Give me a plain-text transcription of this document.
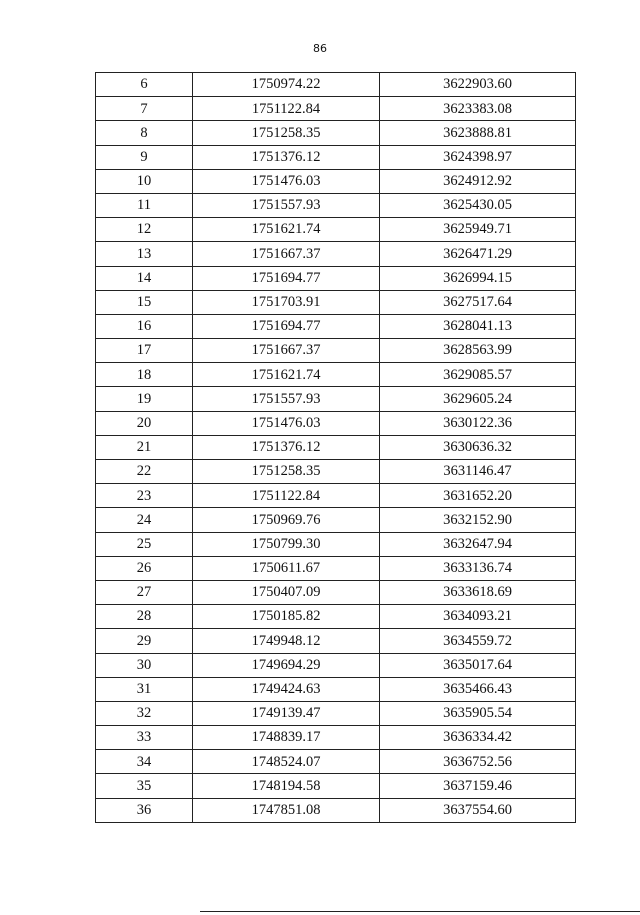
86
6	1750974.22	3622903.60
7	1751122.84	3623383.08
8	1751258.35	3623888.81
9	1751376.12	3624398.97
10	1751476.03	3624912.92
11	1751557.93	3625430.05
12	1751621.74	3625949.71
13	1751667.37	3626471.29
14	1751694.77	3626994.15
15	1751703.91	3627517.64
16	1751694.77	3628041.13
17	1751667.37	3628563.99
18	1751621.74	3629085.57
19	1751557.93	3629605.24
20	1751476.03	3630122.36
21	1751376.12	3630636.32
22	1751258.35	3631146.47
23	1751122.84	3631652.20
24	1750969.76	3632152.90
25	1750799.30	3632647.94
26	1750611.67	3633136.74
27	1750407.09	3633618.69
28	1750185.82	3634093.21
29	1749948.12	3634559.72
30	1749694.29	3635017.64
31	1749424.63	3635466.43
32	1749139.47	3635905.54
33	1748839.17	3636334.42
34	1748524.07	3636752.56
35	1748194.58	3637159.46
36	1747851.08	3637554.60
